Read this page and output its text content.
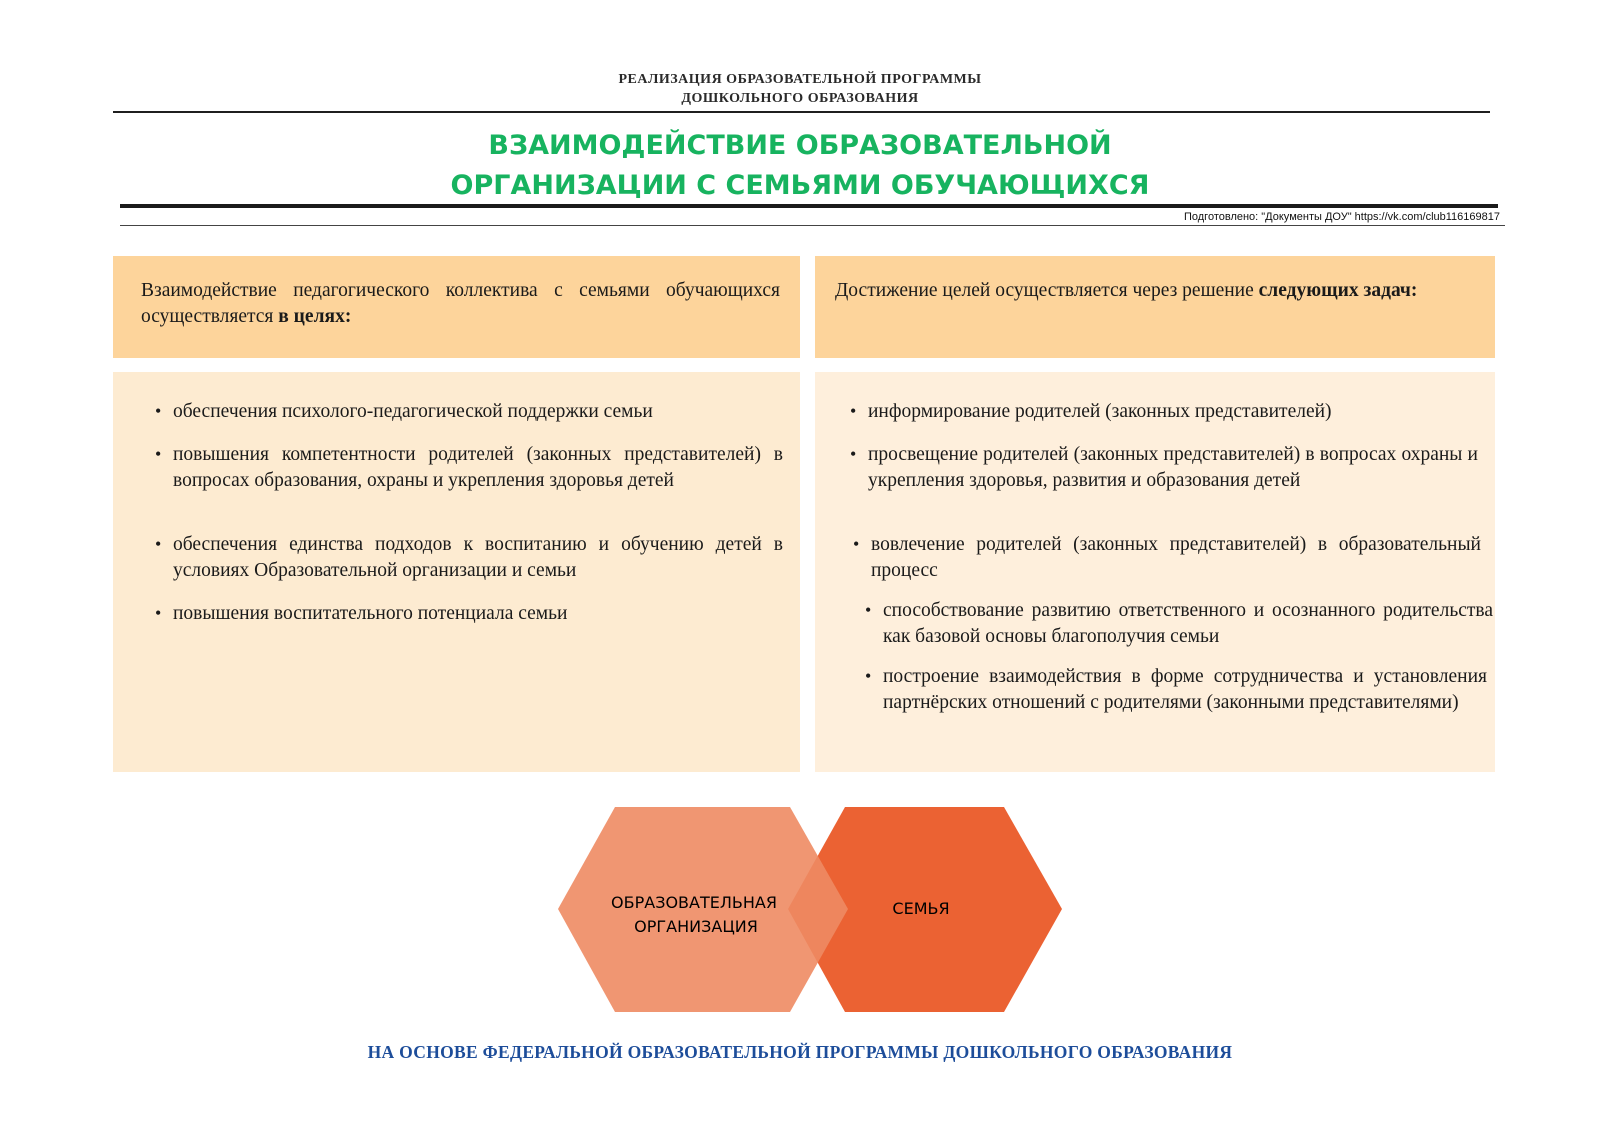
РЕАЛИЗАЦИЯ ОБРАЗОВАТЕЛЬНОЙ ПРОГРАММЫ
ДОШКОЛЬНОГО ОБРАЗОВАНИЯ
ВЗАИМОДЕЙСТВИЕ ОБРАЗОВАТЕЛЬНОЙ
ОРГАНИЗАЦИИ С СЕМЬЯМИ ОБУЧАЮЩИХСЯ
Подготовлено: "Документы ДОУ" https://vk.com/club116169817
Взаимодействие педагогического коллектива с семьями обучающихся осуществляется в целях:
• обеспечения психолого-педагогической поддержки семьи
• повышения компетентности родителей (законных представителей) в вопросах образования, охраны и укрепления здоровья детей
• обеспечения единства подходов к воспитанию и обучению детей в условиях Образовательной организации и семьи
• повышения воспитательного потенциала семьи
Достижение целей осуществляется через решение следующих задач:
• информирование родителей (законных представителей)
• просвещение родителей (законных представителей) в вопросах охраны и укрепления здоровья, развития и образования детей
• вовлечение родителей (законных представителей) в образовательный процесс
• способствование развитию ответственного и осознанного родительства как базовой основы благополучия семьи
• построение взаимодействия в форме сотрудничества и установления партнёрских отношений с родителями (законными представителями)
ОБРАЗОВАТЕЛЬНАЯ
ОРГАНИЗАЦИЯ
СЕМЬЯ
НА ОСНОВЕ ФЕДЕРАЛЬНОЙ ОБРАЗОВАТЕЛЬНОЙ ПРОГРАММЫ ДОШКОЛЬНОГО ОБРАЗОВАНИЯ
